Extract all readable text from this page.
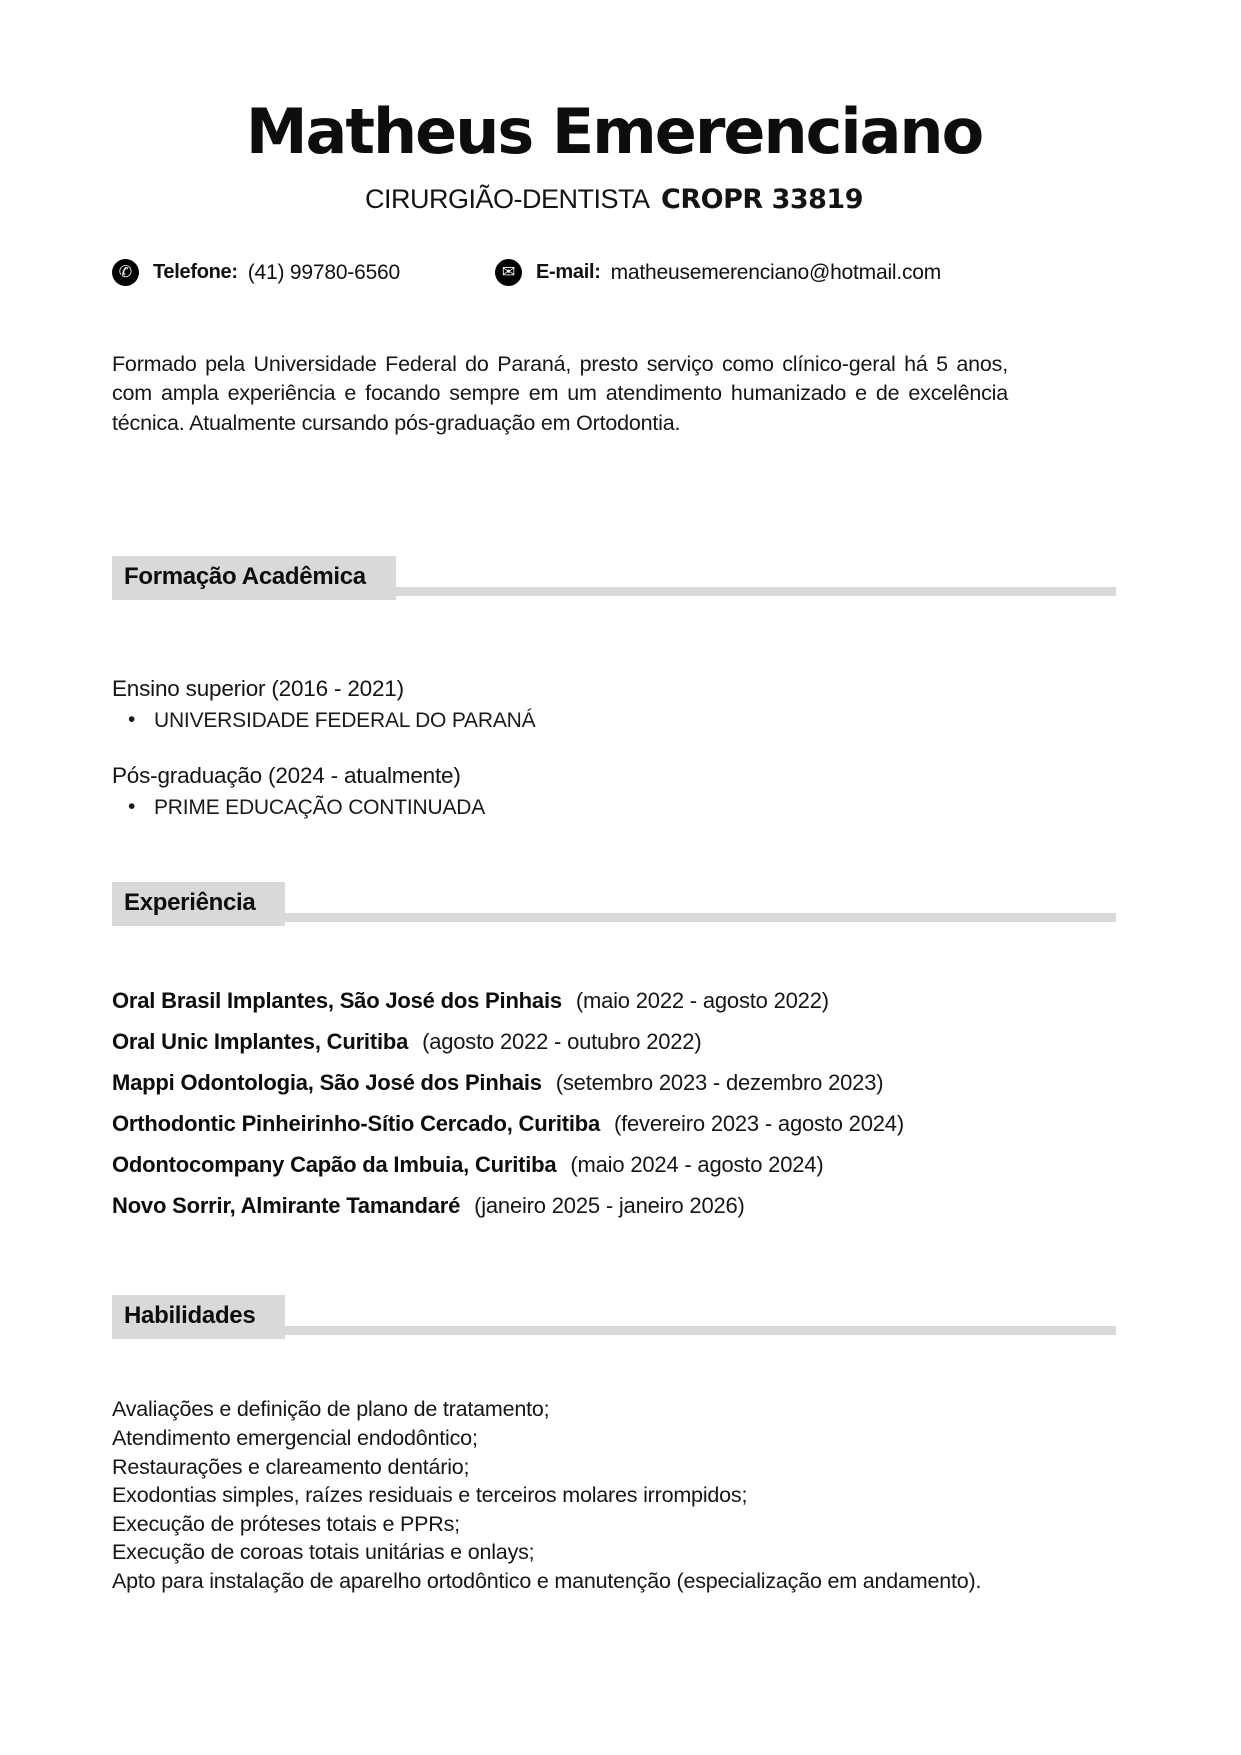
Matheus Emerenciano
CIRURGIÃO-DENTISTA CROPR 33819
✆	Telefone: (41) 99780-6560	✉	E-mail: matheusemerenciano@hotmail.com

Formado pela Universidade Federal do Paraná, presto serviço como clínico-geral há 5 anos, com ampla experiência e focando sempre em um atendimento humanizado e de excelência técnica. Atualmente cursando pós-graduação em Ortodontia.

Formação Acadêmica
Ensino superior (2016 - 2021)
• UNIVERSIDADE FEDERAL DO PARANÁ
Pós-graduação (2024 - atualmente)
• PRIME EDUCAÇÃO CONTINUADA
Experiência
Oral Brasil Implantes, São José dos Pinhais (maio 2022 - agosto 2022)
Oral Unic Implantes, Curitiba (agosto 2022 - outubro 2022)
Mappi Odontologia, São José dos Pinhais (setembro 2023 - dezembro 2023)
Orthodontic Pinheirinho-Sítio Cercado, Curitiba (fevereiro 2023 - agosto 2024)
Odontocompany Capão da Imbuia, Curitiba (maio 2024 - agosto 2024)
Novo Sorrir, Almirante Tamandaré (janeiro 2025 - janeiro 2026)
Habilidades
Avaliações e definição de plano de tratamento;
Atendimento emergencial endodôntico;
Restaurações e clareamento dentário;
Exodontias simples, raízes residuais e terceiros molares irrompidos;
Execução de próteses totais e PPRs;
Execução de coroas totais unitárias e onlays;
Apto para instalação de aparelho ortodôntico e manutenção (especialização em andamento).
